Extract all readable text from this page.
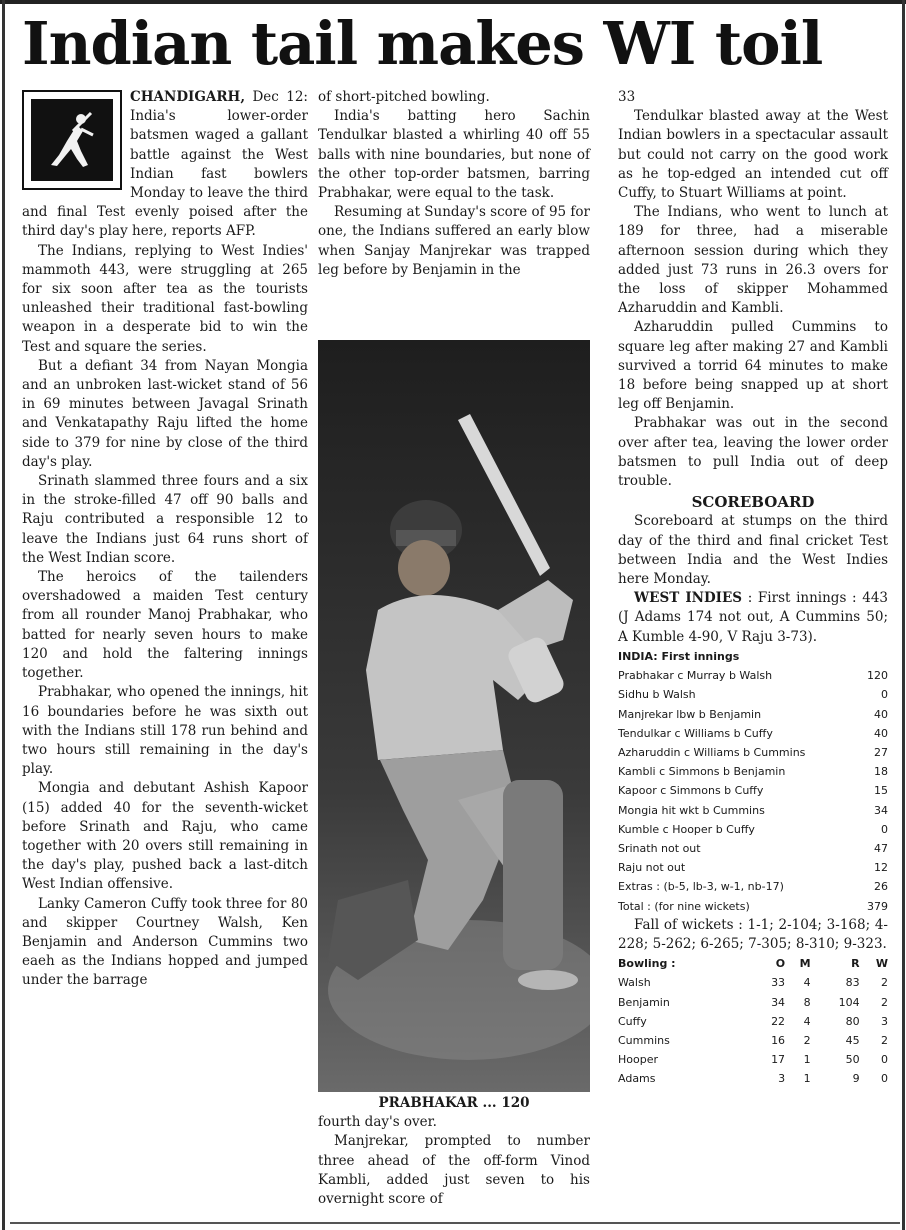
Indian tail makes WI toil

CHANDIGARH, Dec 12: India's lower-order batsmen waged a gallant battle against the West Indian fast bowlers Monday to leave the third and final Test evenly poised after the third day's play here, reports AFP.

The Indians, replying to West Indies' mammoth 443, were struggling at 265 for six soon after tea as the tourists unleashed their traditional fast-bowling weapon in a desperate bid to win the Test and square the series.

But a defiant 34 from Nayan Mongia and an unbroken last-wicket stand of 56 in 69 minutes between Javagal Srinath and Venkatapathy Raju lifted the home side to 379 for nine by close of the third day's play.

Srinath slammed three fours and a six in the stroke-filled 47 off 90 balls and Raju contributed a responsible 12 to leave the Indians just 64 runs short of the West Indian score.

The heroics of the tailenders overshadowed a maiden Test century from all rounder Manoj Prabhakar, who batted for nearly seven hours to make 120 and hold the faltering innings together.

Prabhakar, who opened the innings, hit 16 boundaries before he was sixth out with the Indians still 178 run behind and two hours still remaining in the day's play.

Mongia and debutant Ashish Kapoor (15) added 40 for the seventh-wicket before Srinath and Raju, who came together with 20 overs still remaining in the day's play, pushed back a last-ditch West Indian offensive.

Lanky Cameron Cuffy took three for 80 and skipper Courtney Walsh, Ken Benjamin and Anderson Cummins two eaeh as the Indians hopped and jumped under the barrage

of short-pitched bowling.

India's batting hero Sachin Tendulkar blasted a whirling 40 off 55 balls with nine boundaries, but none of the other top-order batsmen, barring Prabhakar, were equal to the task.

Resuming at Sunday's score of 95 for one, the Indians suffered an early blow when Sanjay Manjrekar was trapped leg before by Benjamin in the

PRABHAKAR ... 120

fourth day's over.

Manjrekar, prompted to number three ahead of the off-form Vinod Kambli, added just seven to his overnight score of

33

Tendulkar blasted away at the West Indian bowlers in a spectacular assault but could not carry on the good work as he top-edged an intended cut off Cuffy, to Stuart Williams at point.

The Indians, who went to lunch at 189 for three, had a miserable afternoon session during which they added just 73 runs in 26.3 overs for the loss of skipper Mohammed Azharuddin and Kambli.

Azharuddin pulled Cummins to square leg after making 27 and Kambli survived a torrid 64 minutes to make 18 before being snapped up at short leg off Benjamin.

Prabhakar was out in the second over after tea, leaving the lower order batsmen to pull India out of deep trouble.

SCOREBOARD

Scoreboard at stumps on the third day of the third and final cricket Test between India and the West Indies here Monday.

WEST INDIES : First innings : 443 (J Adams 174 not out, A Cummins 50; A Kumble 4-90, V Raju 3-73).

INDIA: First innings
Prabhakar c Murray b Walsh	120
Sidhu b Walsh	0
Manjrekar lbw b Benjamin	40
Tendulkar c Williams b Cuffy	40
Azharuddin c Williams b Cummins	27
Kambli c Simmons b Benjamin	18
Kapoor c Simmons b Cuffy	15
Mongia hit wkt b Cummins	34
Kumble c Hooper b Cuffy	0
Srinath not out	47
Raju not out	12
Extras : (b-5, lb-3, w-1, nb-17)	26
Total : (for nine wickets)	379

Fall of wickets : 1-1; 2-104; 3-168; 4-228; 5-262; 6-265; 7-305; 8-310; 9-323.

Bowling :	O	M	R	W
Walsh	33	4	83	2
Benjamin	34	8	104	2
Cuffy	22	4	80	3
Cummins	16	2	45	2
Hooper	17	1	50	0
Adams	3	1	9	0
